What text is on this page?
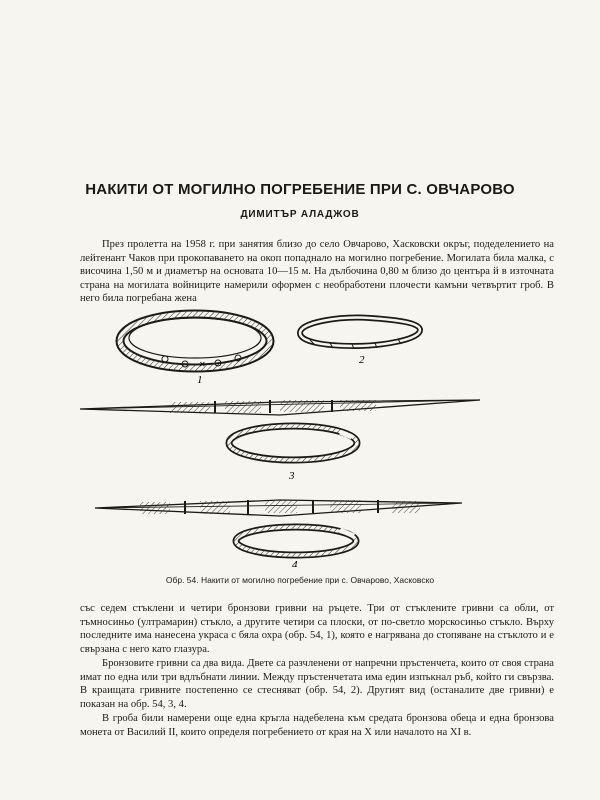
НАКИТИ ОТ МОГИЛНО ПОГРЕБЕНИЕ ПРИ С. ОВЧАРОВО
ДИМИТЪР АЛАДЖОВ

През пролетта на 1958 г. при занятия близо до село Овчарово, Хасковски окръг, подеделението на лейтенант Чаков при прокопаването на окоп попаднало на могилно погребение. Могилата била малка, с височина 1,50 м и диаметър на основата 10—15 м. На дълбочина 0,80 м близо до центъра й в източната страна на могилата войниците намерили оформен с необработени плочести камъни четвъртит гроб. В него била погребана жена

✕
1
2
3
4
Обр. 54. Накити от могилно погребение при с. Овчарово, Хасковско

със седем стъклени и четири бронзови гривни на ръцете. Три от стъклените гривни са обли, от тъмносиньо (ултрамарин) стъкло, а другите четири са плоски, от по-светло морскосиньо стъкло. Върху последните има нанесена украса с бяла охра (обр. 54, 1), която е нагрявана до стопяване на стъклото и е свързана с него като глазура.

Бронзовите гривни са два вида. Двете са разчленени от напречни пръстенчета, които от своя страна имат по една или три вдлъбнати линии. Между пръстенчетата има един изпъкнал ръб, който ги свързва. В краищата гривните постепенно се стесняват (обр. 54, 2). Другият вид (останалите две гривни) е показан на обр. 54, 3, 4.

В гроба били намерени още една кръгла надебелена към средата бронзова обеца и една бронзова монета от Василий II, които определя погребението от края на X или началото на XI в.
